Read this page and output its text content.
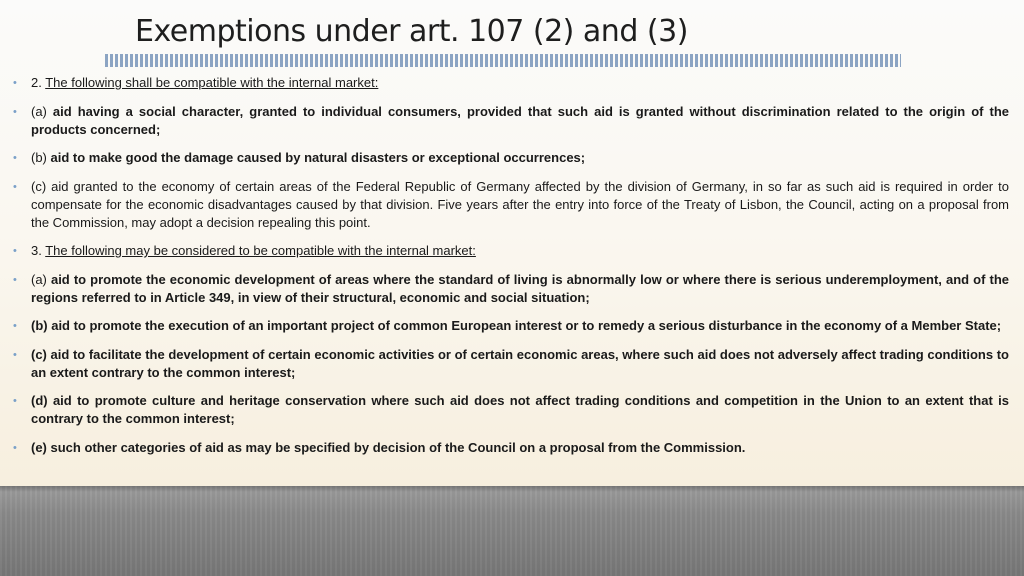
Exemptions under art. 107 (2) and (3)
• 2. The following shall be compatible with the internal market:
• (a) aid having a social character, granted to individual consumers, provided that such aid is granted without discrimination related to the origin of the products concerned;
• (b) aid to make good the damage caused by natural disasters or exceptional occurrences;
• (c) aid granted to the economy of certain areas of the Federal Republic of Germany affected by the division of Germany, in so far as such aid is required in order to compensate for the economic disadvantages caused by that division. Five years after the entry into force of the Treaty of Lisbon, the Council, acting on a proposal from the Commission, may adopt a decision repealing this point.
• 3. The following may be considered to be compatible with the internal market:
• (a) aid to promote the economic development of areas where the standard of living is abnormally low or where there is serious underemployment, and of the regions referred to in Article 349, in view of their structural, economic and social situation;
• (b) aid to promote the execution of an important project of common European interest or to remedy a serious disturbance in the economy of a Member State;
• (c) aid to facilitate the development of certain economic activities or of certain economic areas, where such aid does not adversely affect trading conditions to an extent contrary to the common interest;
• (d) aid to promote culture and heritage conservation where such aid does not affect trading conditions and competition in the Union to an extent that is contrary to the common interest;
• (e) such other categories of aid as may be specified by decision of the Council on a proposal from the Commission.
